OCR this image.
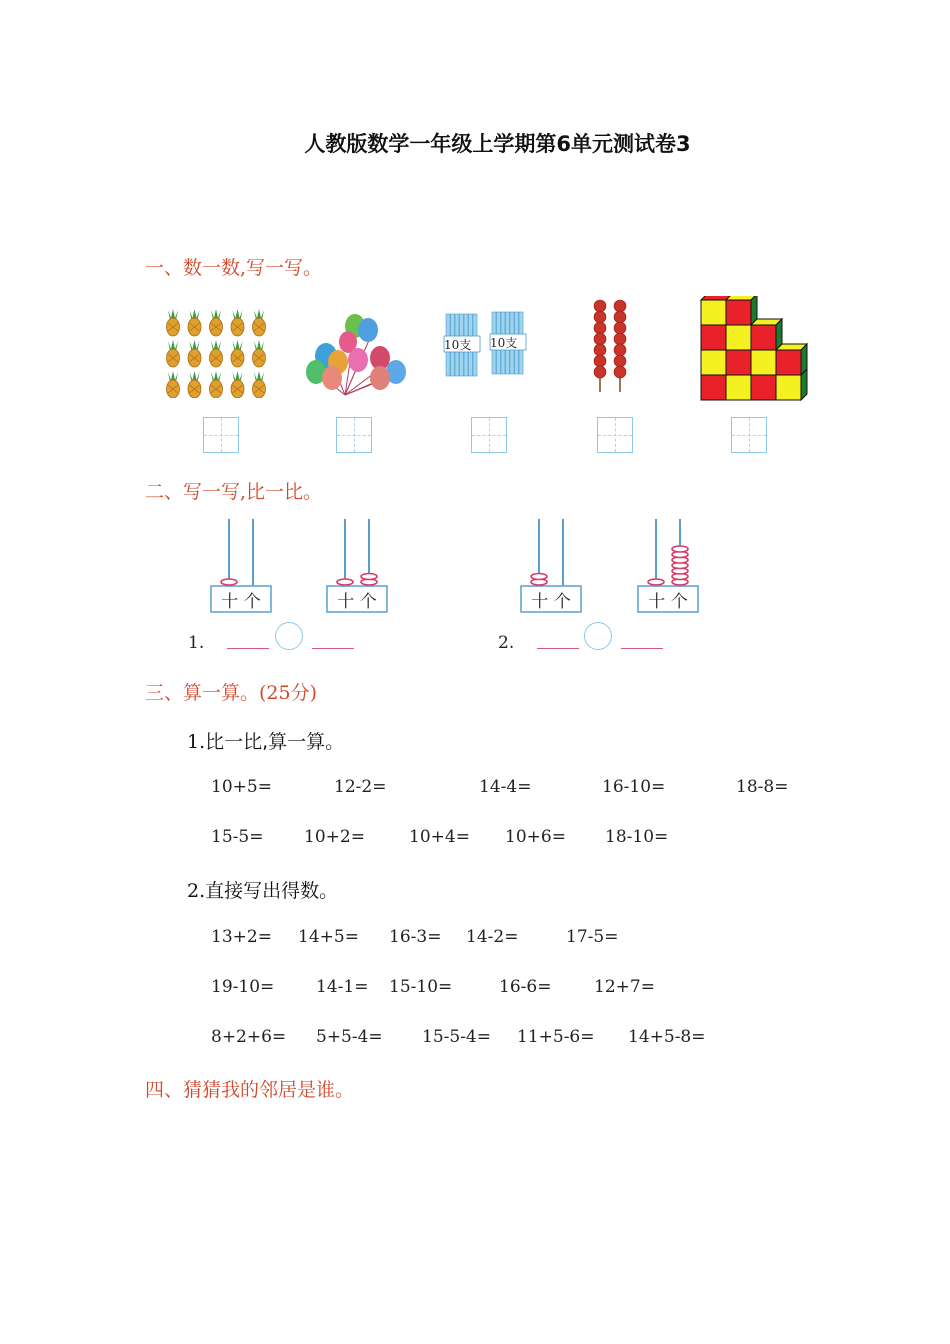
人教版数学一年级上学期第6单元测试卷3
一、数一数,写一写。
10支 10支
二、写一写,比一比。
十 个	十 个	十 个	十 个
1.	2.
三、算一算。(25分)
1.比一比,算一算。
10+5=	12-2=	14-4=	16-10=	18-8=
15-5= 10+2=	10+4= 10+6= 18-10=
2.直接写出得数。
13+2= 14+5= 16-3= 14-2=	17-5=
19-10= 14-1= 15-10=	16-6=	12+7=
8+2+6= 5+5-4= 15-5-4= 11+5-6= 14+5-8=
四、猜猜我的邻居是谁。
